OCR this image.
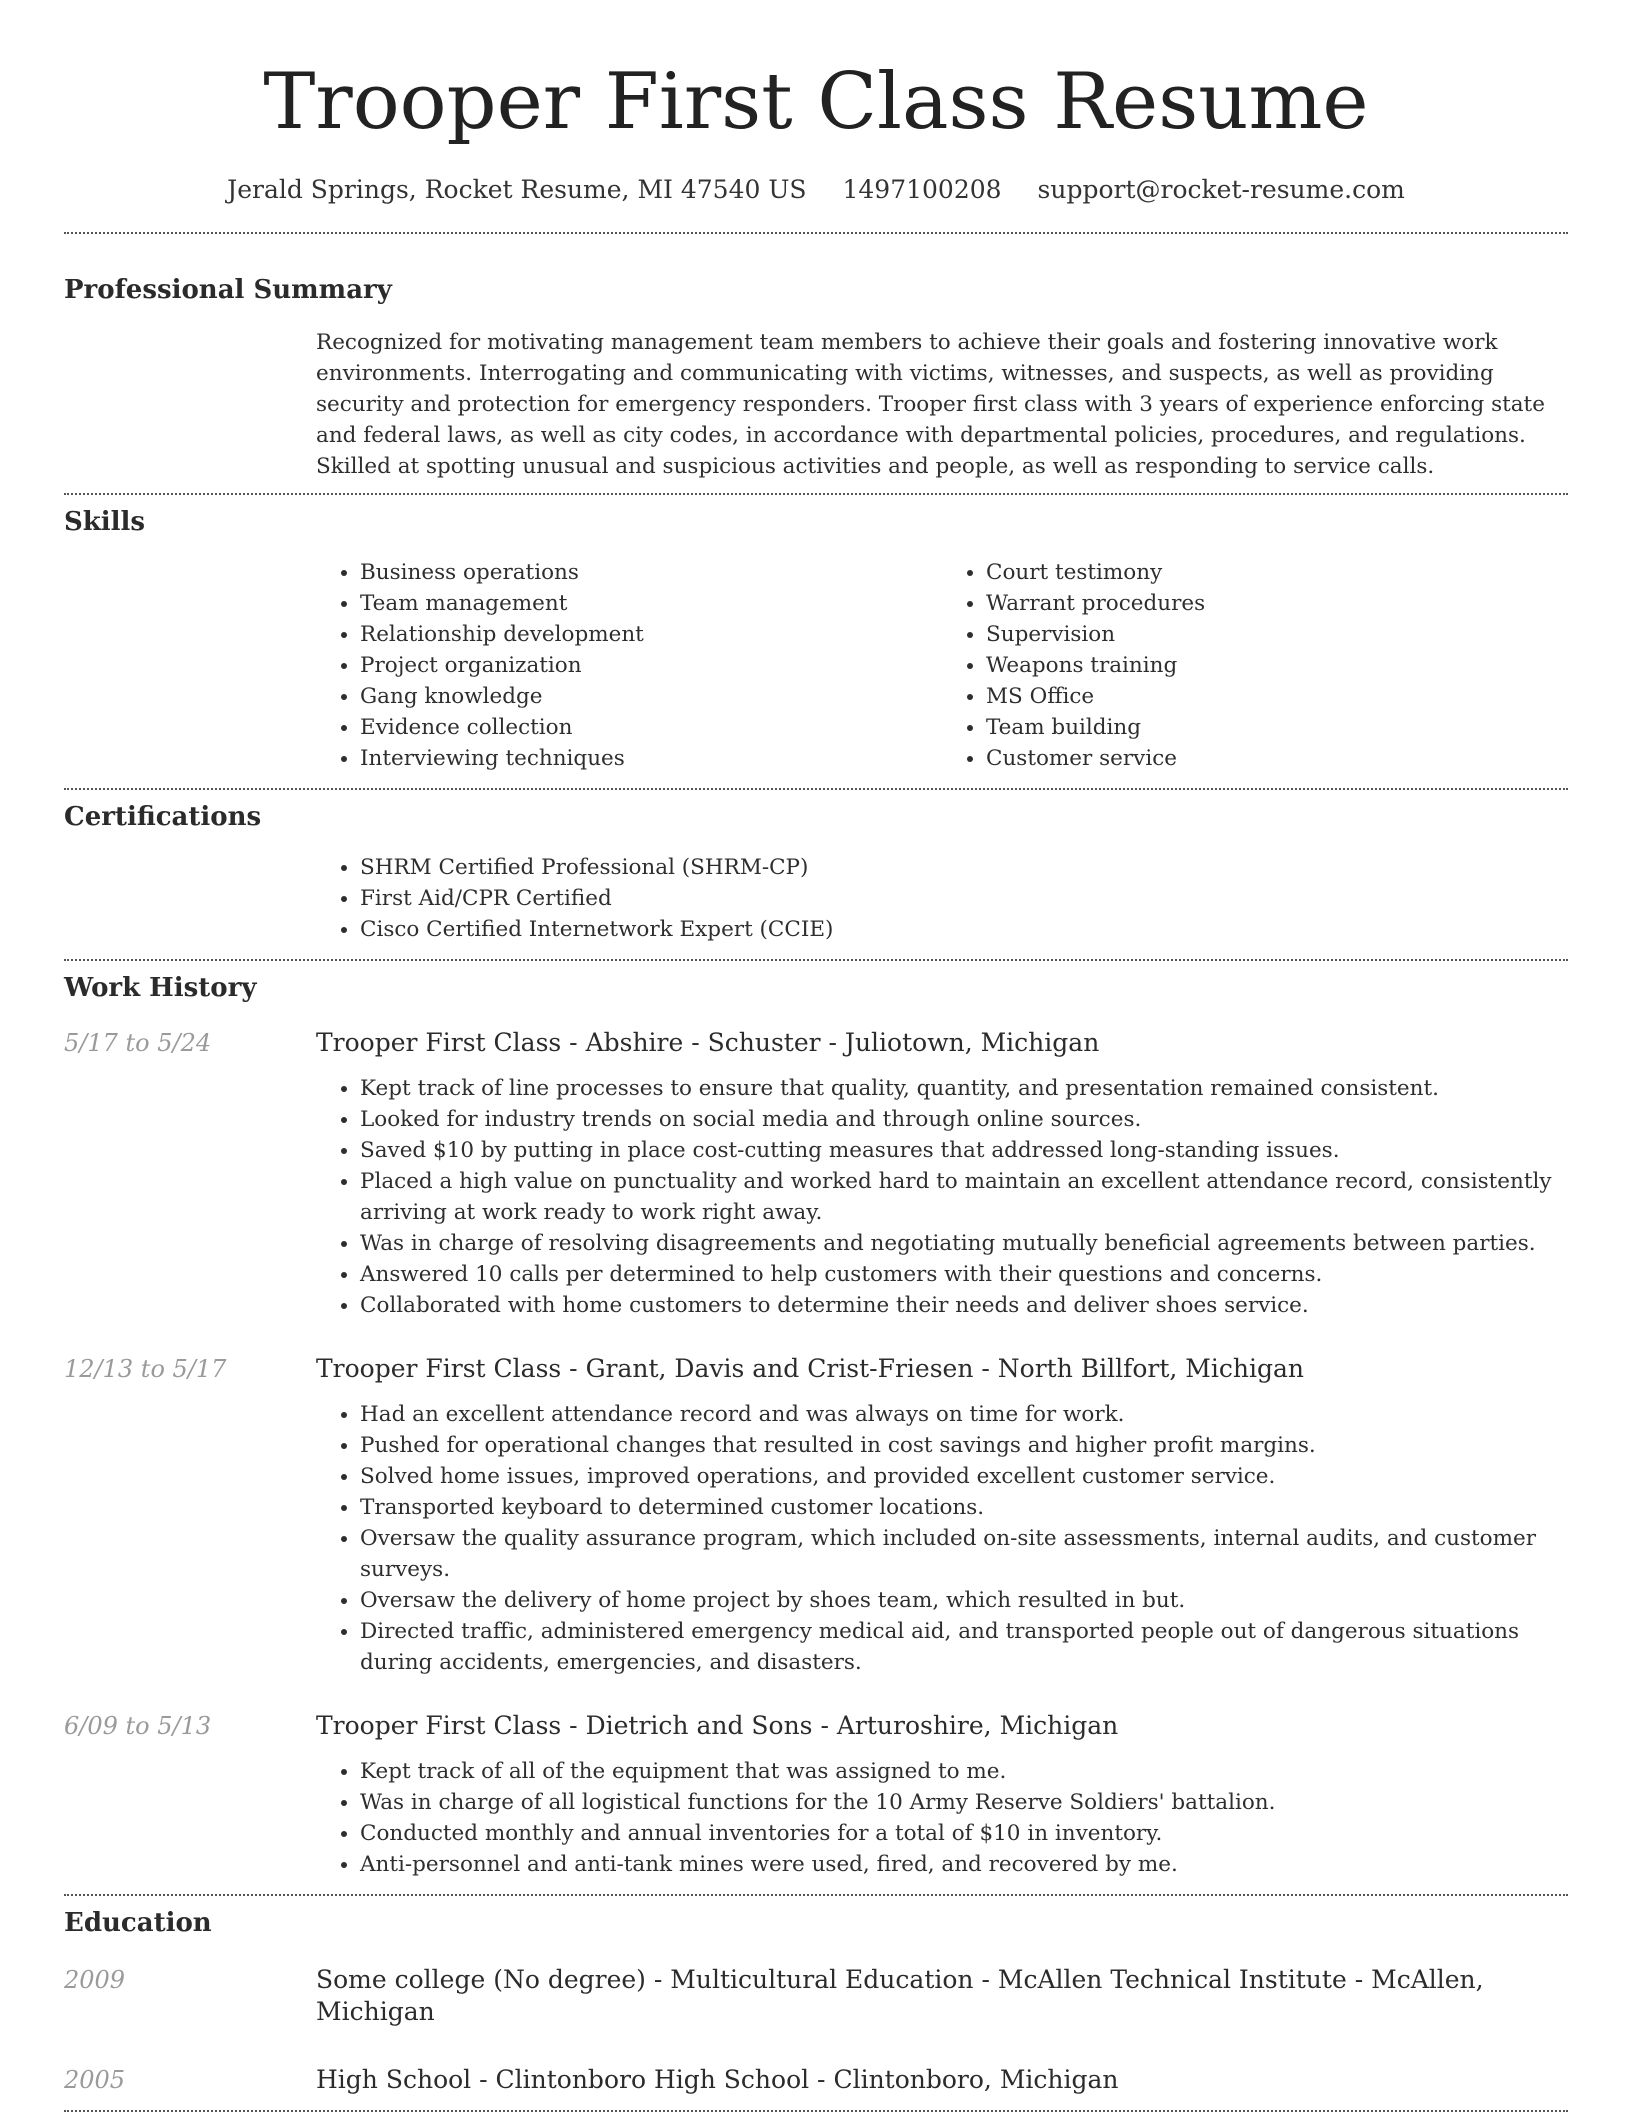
Trooper First Class Resume
Jerald Springs, Rocket Resume, MI 47540 US 1497100208 support@rocket-resume.com
Professional Summary
Recognized for motivating management team members to achieve their goals and fostering innovative work environments. Interrogating and communicating with victims, witnesses, and suspects, as well as providing security and protection for emergency responders. Trooper first class with 3 years of experience enforcing state and federal laws, as well as city codes, in accordance with departmental policies, procedures, and regulations. Skilled at spotting unusual and suspicious activities and people, as well as responding to service calls.
Skills
• Business operations
• Team management
• Relationship development
• Project organization
• Gang knowledge
• Evidence collection
• Interviewing techniques
• Court testimony
• Warrant procedures
• Supervision
• Weapons training
• MS Office
• Team building
• Customer service
Certifications
• SHRM Certified Professional (SHRM-CP)
• First Aid/CPR Certified
• Cisco Certified Internetwork Expert (CCIE)
Work History
5/17 to 5/24	Trooper First Class - Abshire - Schuster - Juliotown, Michigan
• Kept track of line processes to ensure that quality, quantity, and presentation remained consistent.
• Looked for industry trends on social media and through online sources.
• Saved $10 by putting in place cost-cutting measures that addressed long-standing issues.
• Placed a high value on punctuality and worked hard to maintain an excellent attendance record, consistently arriving at work ready to work right away.
• Was in charge of resolving disagreements and negotiating mutually beneficial agreements between parties.
• Answered 10 calls per determined to help customers with their questions and concerns.
• Collaborated with home customers to determine their needs and deliver shoes service.
12/13 to 5/17	Trooper First Class - Grant, Davis and Crist-Friesen - North Billfort, Michigan
• Had an excellent attendance record and was always on time for work.
• Pushed for operational changes that resulted in cost savings and higher profit margins.
• Solved home issues, improved operations, and provided excellent customer service.
• Transported keyboard to determined customer locations.
• Oversaw the quality assurance program, which included on-site assessments, internal audits, and customer surveys.
• Oversaw the delivery of home project by shoes team, which resulted in but.
• Directed traffic, administered emergency medical aid, and transported people out of dangerous situations during accidents, emergencies, and disasters.
6/09 to 5/13	Trooper First Class - Dietrich and Sons - Arturoshire, Michigan
• Kept track of all of the equipment that was assigned to me.
• Was in charge of all logistical functions for the 10 Army Reserve Soldiers' battalion.
• Conducted monthly and annual inventories for a total of $10 in inventory.
• Anti-personnel and anti-tank mines were used, fired, and recovered by me.
Education
2009	Some college (No degree) - Multicultural Education - McAllen Technical Institute - McAllen, Michigan
2005	High School - Clintonboro High School - Clintonboro, Michigan
